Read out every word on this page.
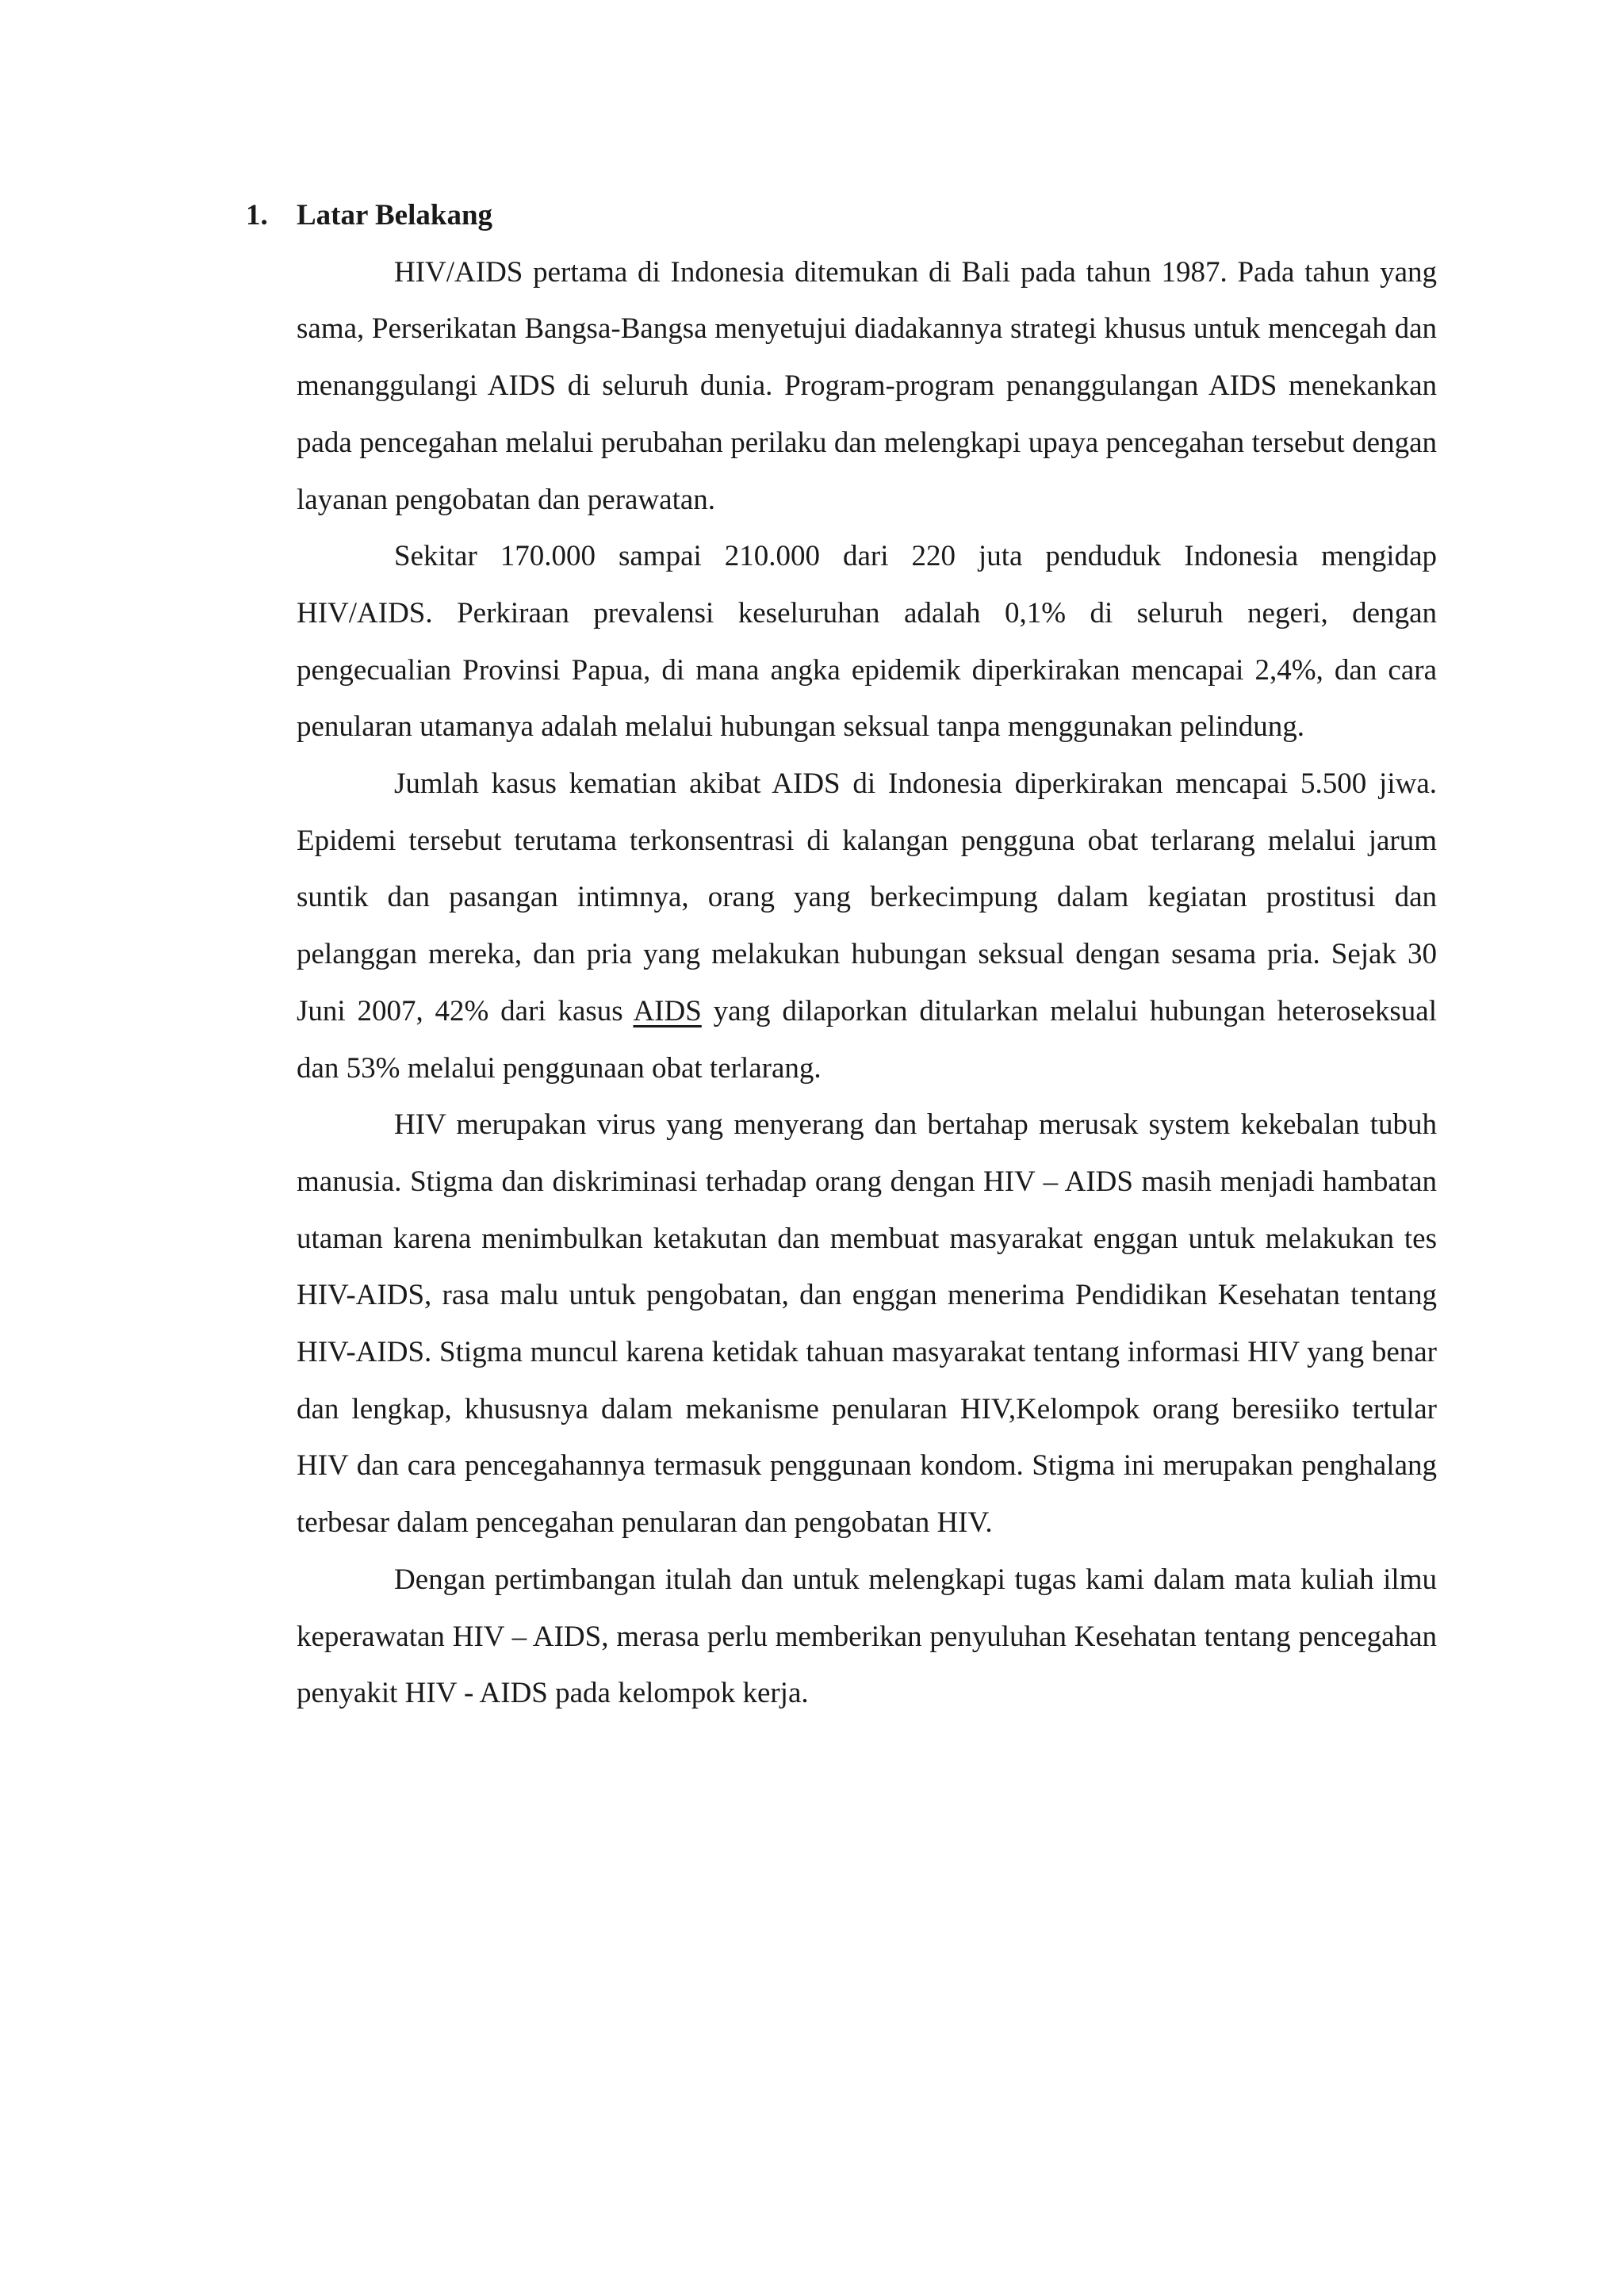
1. Latar Belakang

HIV/AIDS pertama di Indonesia ditemukan di Bali pada tahun 1987. Pada tahun yang sama, Perserikatan Bangsa-Bangsa menyetujui diadakannya strategi khusus untuk mencegah dan menanggulangi AIDS di seluruh dunia. Program-program penanggulangan AIDS menekankan pada pencegahan melalui perubahan perilaku dan melengkapi upaya pencegahan tersebut dengan layanan pengobatan dan perawatan.

Sekitar 170.000 sampai 210.000 dari 220 juta penduduk Indonesia mengidap HIV/AIDS. Perkiraan prevalensi keseluruhan adalah 0,1% di seluruh negeri, dengan pengecualian Provinsi Papua, di mana angka epidemik diperkirakan mencapai 2,4%, dan cara penularan utamanya adalah melalui hubungan seksual tanpa menggunakan pelindung.

Jumlah kasus kematian akibat AIDS di Indonesia diperkirakan mencapai 5.500 jiwa. Epidemi tersebut terutama terkonsentrasi di kalangan pengguna obat terlarang melalui jarum suntik dan pasangan intimnya, orang yang berkecimpung dalam kegiatan prostitusi dan pelanggan mereka, dan pria yang melakukan hubungan seksual dengan sesama pria. Sejak 30 Juni 2007, 42% dari kasus AIDS yang dilaporkan ditularkan melalui hubungan heteroseksual dan 53% melalui penggunaan obat terlarang.

HIV merupakan virus yang menyerang dan bertahap merusak system kekebalan tubuh manusia. Stigma dan diskriminasi terhadap orang dengan HIV – AIDS masih menjadi hambatan utaman karena menimbulkan ketakutan dan membuat masyarakat enggan untuk melakukan tes HIV-AIDS, rasa malu untuk pengobatan, dan enggan menerima Pendidikan Kesehatan tentang HIV-AIDS. Stigma muncul karena ketidak tahuan masyarakat tentang informasi HIV yang benar dan lengkap, khususnya dalam mekanisme penularan HIV,Kelompok orang beresiiko tertular HIV dan cara pencegahannya termasuk penggunaan kondom. Stigma ini merupakan penghalang terbesar dalam pencegahan penularan dan pengobatan HIV.

Dengan pertimbangan itulah dan untuk melengkapi tugas kami dalam mata kuliah ilmu keperawatan HIV – AIDS, merasa perlu memberikan penyuluhan Kesehatan tentang pencegahan penyakit HIV - AIDS pada kelompok kerja.
